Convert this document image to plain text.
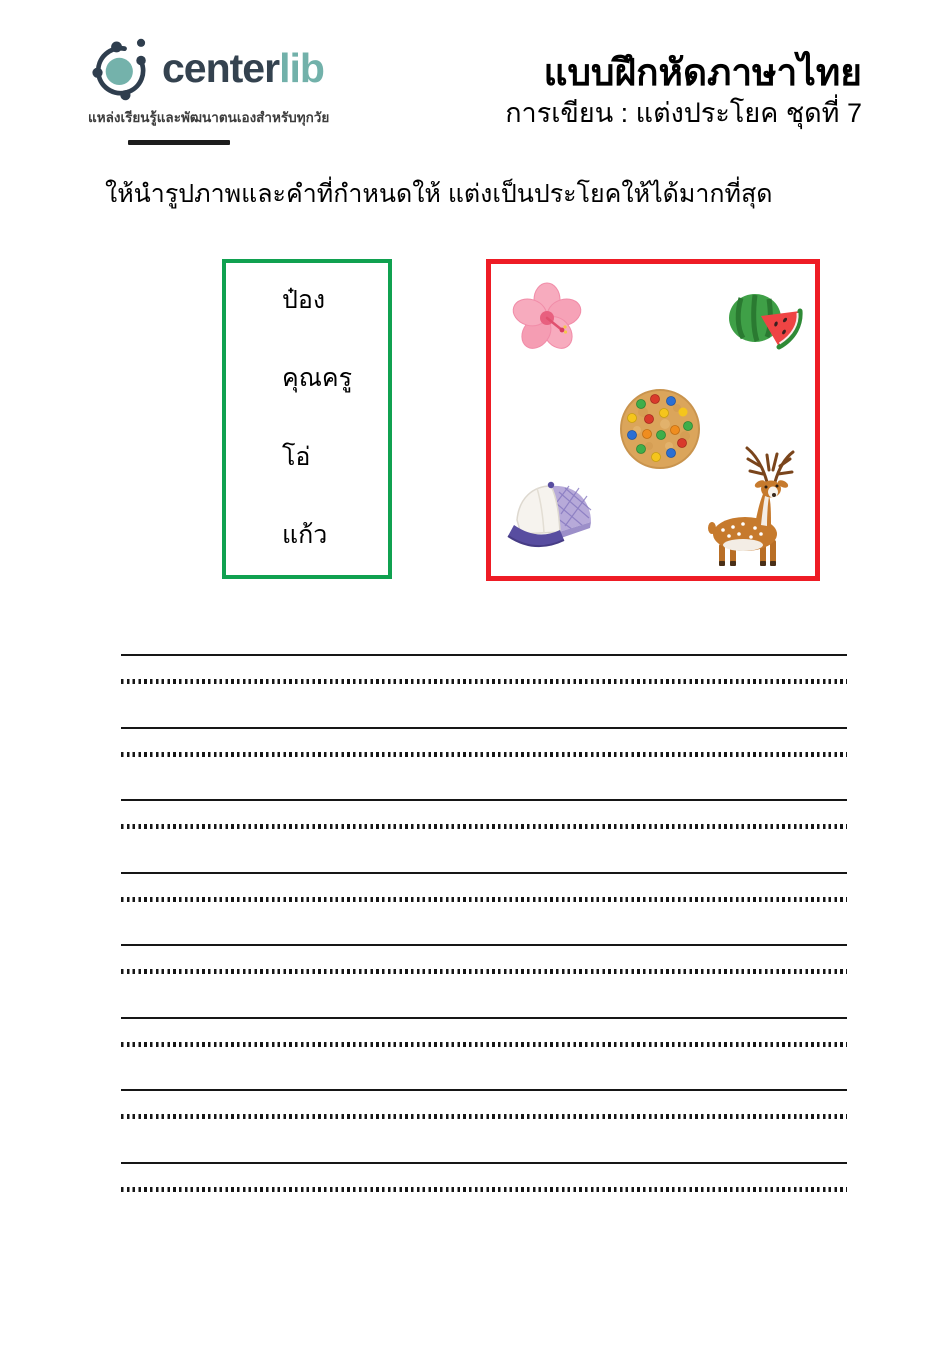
centerlib
แหล่งเรียนรู้และพัฒนาตนเองสำหรับทุกวัย
แบบฝึกหัดภาษาไทย
การเขียน : แต่งประโยค ชุดที่ 7
ให้นำรูปภาพและคำที่กำหนดให้ แต่งเป็นประโยคให้ได้มากที่สุด
ป๋อง
คุณครู
โอ่
แก้ว
